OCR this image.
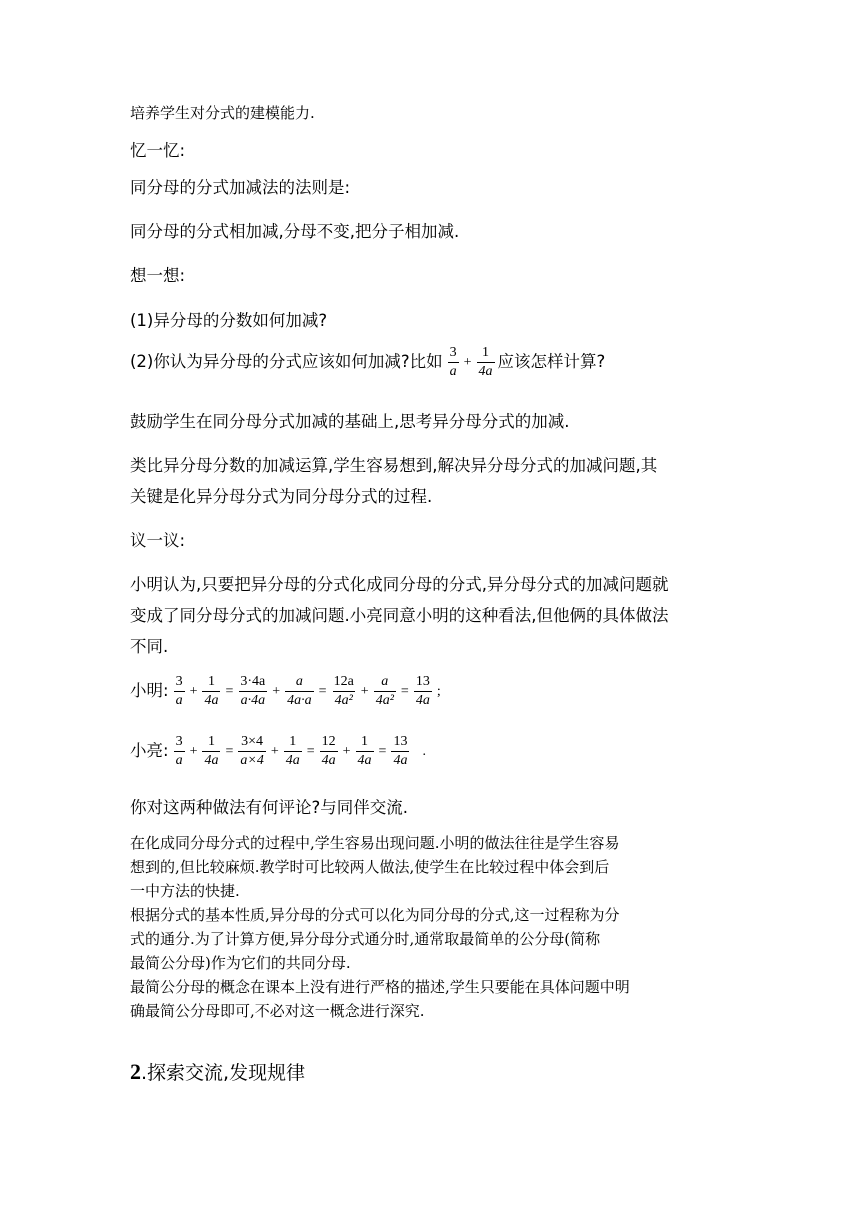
培养学生对分式的建模能力.
忆一忆:
同分母的分式加减法的法则是:
同分母的分式相加减,分母不变,把分子相加减.
想一想:
(1)异分母的分数如何加减?
(2)你认为异分母的分式应该如何加减?比如 $\frac{3}{a} + \frac{1}{4a}$ 应该怎样计算?
鼓励学生在同分母分式加减的基础上,思考异分母分式的加减.
类比异分母分数的加减运算,学生容易想到,解决异分母分式的加减问题,其
关键是化异分母分式为同分母分式的过程.
议一议:
小明认为,只要把异分母的分式化成同分母的分式,异分母分式的加减问题就
变成了同分母分式的加减问题.小亮同意小明的这种看法,但他俩的具体做法
不同.
小明: $\frac{3}{a} + \frac{1}{4a} = \frac{3\cdot 4a}{a\cdot 4a} + \frac{a}{4a\cdot a} = \frac{12a}{\text{4a²}} + \frac{a}{\text{4a²}} = \frac{13}{4a}$ ;
小亮: $\frac{3}{a} + \frac{1}{4a} = \frac{3\times 4}{a\times 4} + \frac{1}{4a} = \frac{12}{4a} + \frac{1}{4a} = \frac{13}{4a}$ .
你对这两种做法有何评论?与同伴交流.
在化成同分母分式的过程中,学生容易出现问题.小明的做法往往是学生容易
想到的,但比较麻烦.教学时可比较两人做法,使学生在比较过程中体会到后
一中方法的快捷.
根据分式的基本性质,异分母的分式可以化为同分母的分式,这一过程称为分
式的通分.为了计算方便,异分母分式通分时,通常取最简单的公分母(简称
最简公分母)作为它们的共同分母.
最简公分母的概念在课本上没有进行严格的描述,学生只要能在具体问题中明
确最简公分母即可,不必对这一概念进行深究.
2.探索交流,发现规律
